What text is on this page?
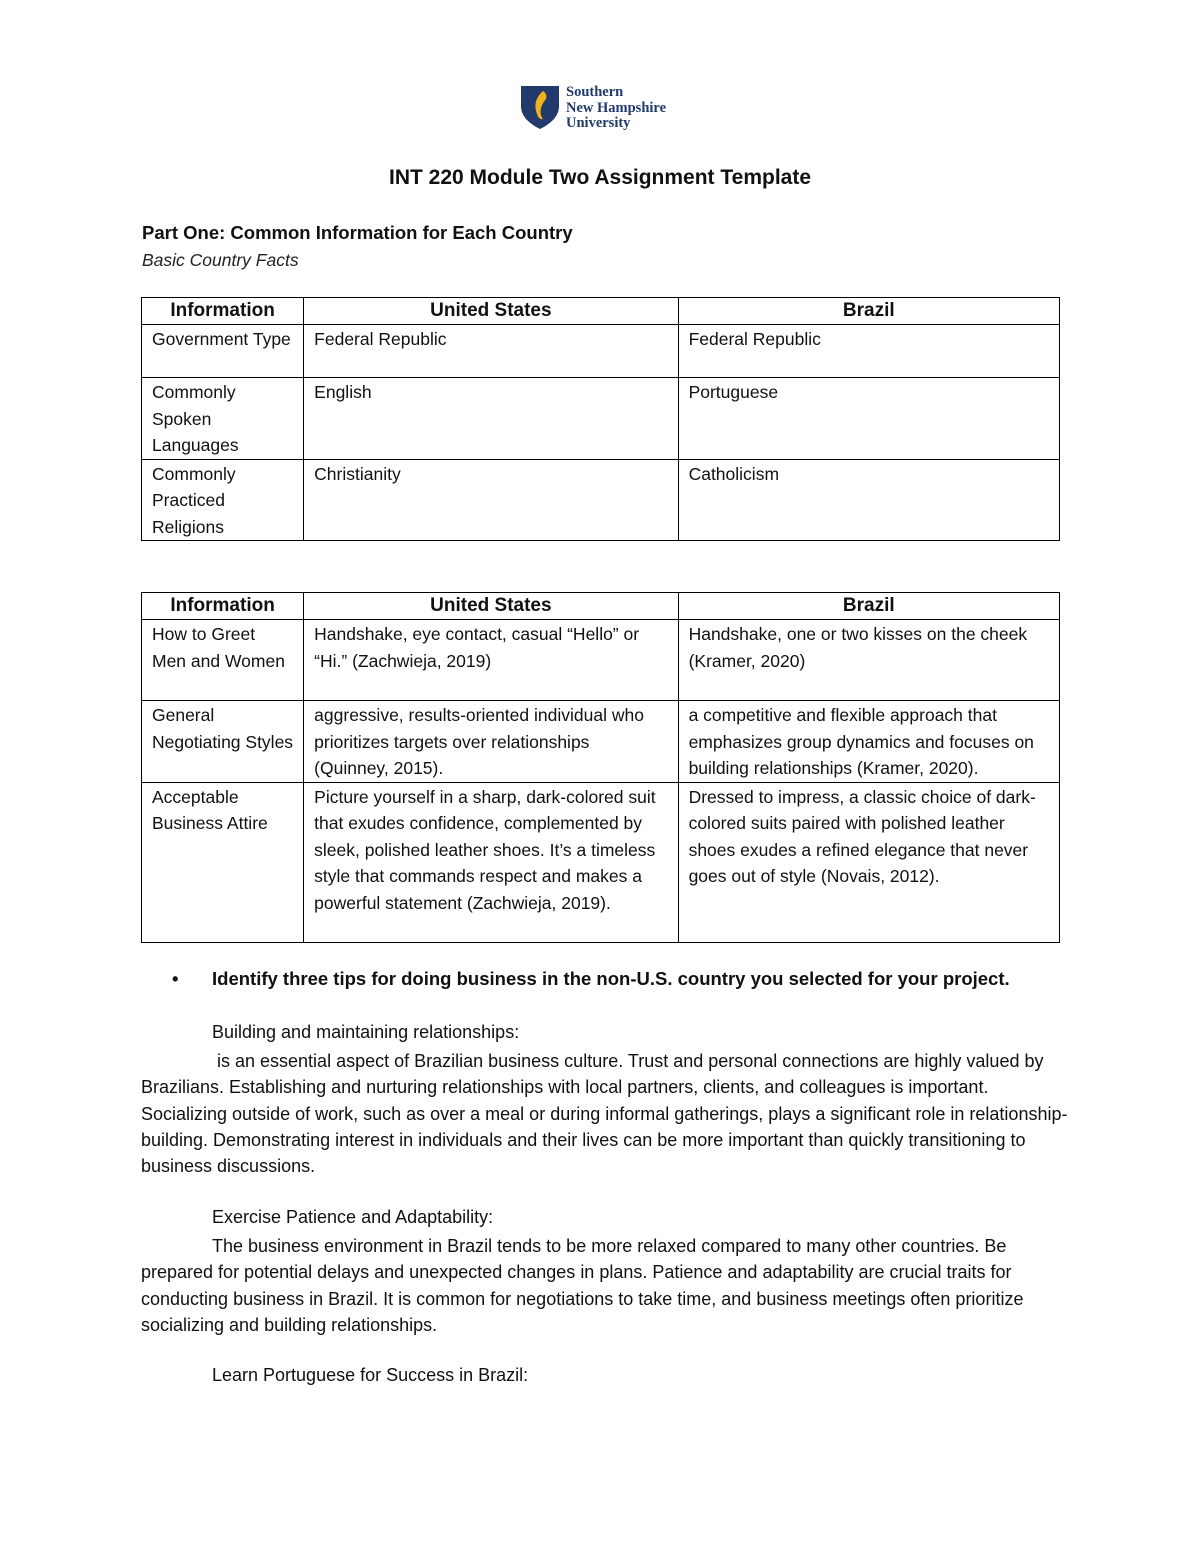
Southern
New Hampshire
University
INT 220 Module Two Assignment Template
Part One: Common Information for Each Country
Basic Country Facts
Information	United States	Brazil
Government Type	Federal Republic	Federal Republic
Commonly Spoken Languages	English	Portuguese
Commonly Practiced Religions	Christianity	Catholicism
Information	United States	Brazil
How to Greet Men and Women	Handshake, eye contact, casual “Hello” or “Hi.” (Zachwieja, 2019)	Handshake, one or two kisses on the cheek (Kramer, 2020)
General Negotiating Styles	aggressive, results-oriented individual who prioritizes targets over relationships (Quinney, 2015).	a competitive and flexible approach that emphasizes group dynamics and focuses on building relationships (Kramer, 2020).
Acceptable Business Attire	Picture yourself in a sharp, dark-colored suit that exudes confidence, complemented by sleek, polished leather shoes. It’s a timeless style that commands respect and makes a powerful statement (Zachwieja, 2019).	Dressed to impress, a classic choice of dark-colored suits paired with polished leather shoes exudes a refined elegance that never goes out of style (Novais, 2012).
•	Identify three tips for doing business in the non-U.S. country you selected for your project.
Building and maintaining relationships:
is an essential aspect of Brazilian business culture. Trust and personal connections are highly valued by Brazilians. Establishing and nurturing relationships with local partners, clients, and colleagues is important. Socializing outside of work, such as over a meal or during informal gatherings, plays a significant role in relationship-building. Demonstrating interest in individuals and their lives can be more important than quickly transitioning to business discussions.
Exercise Patience and Adaptability:
The business environment in Brazil tends to be more relaxed compared to many other countries. Be prepared for potential delays and unexpected changes in plans. Patience and adaptability are crucial traits for conducting business in Brazil. It is common for negotiations to take time, and business meetings often prioritize socializing and building relationships.
Learn Portuguese for Success in Brazil:
